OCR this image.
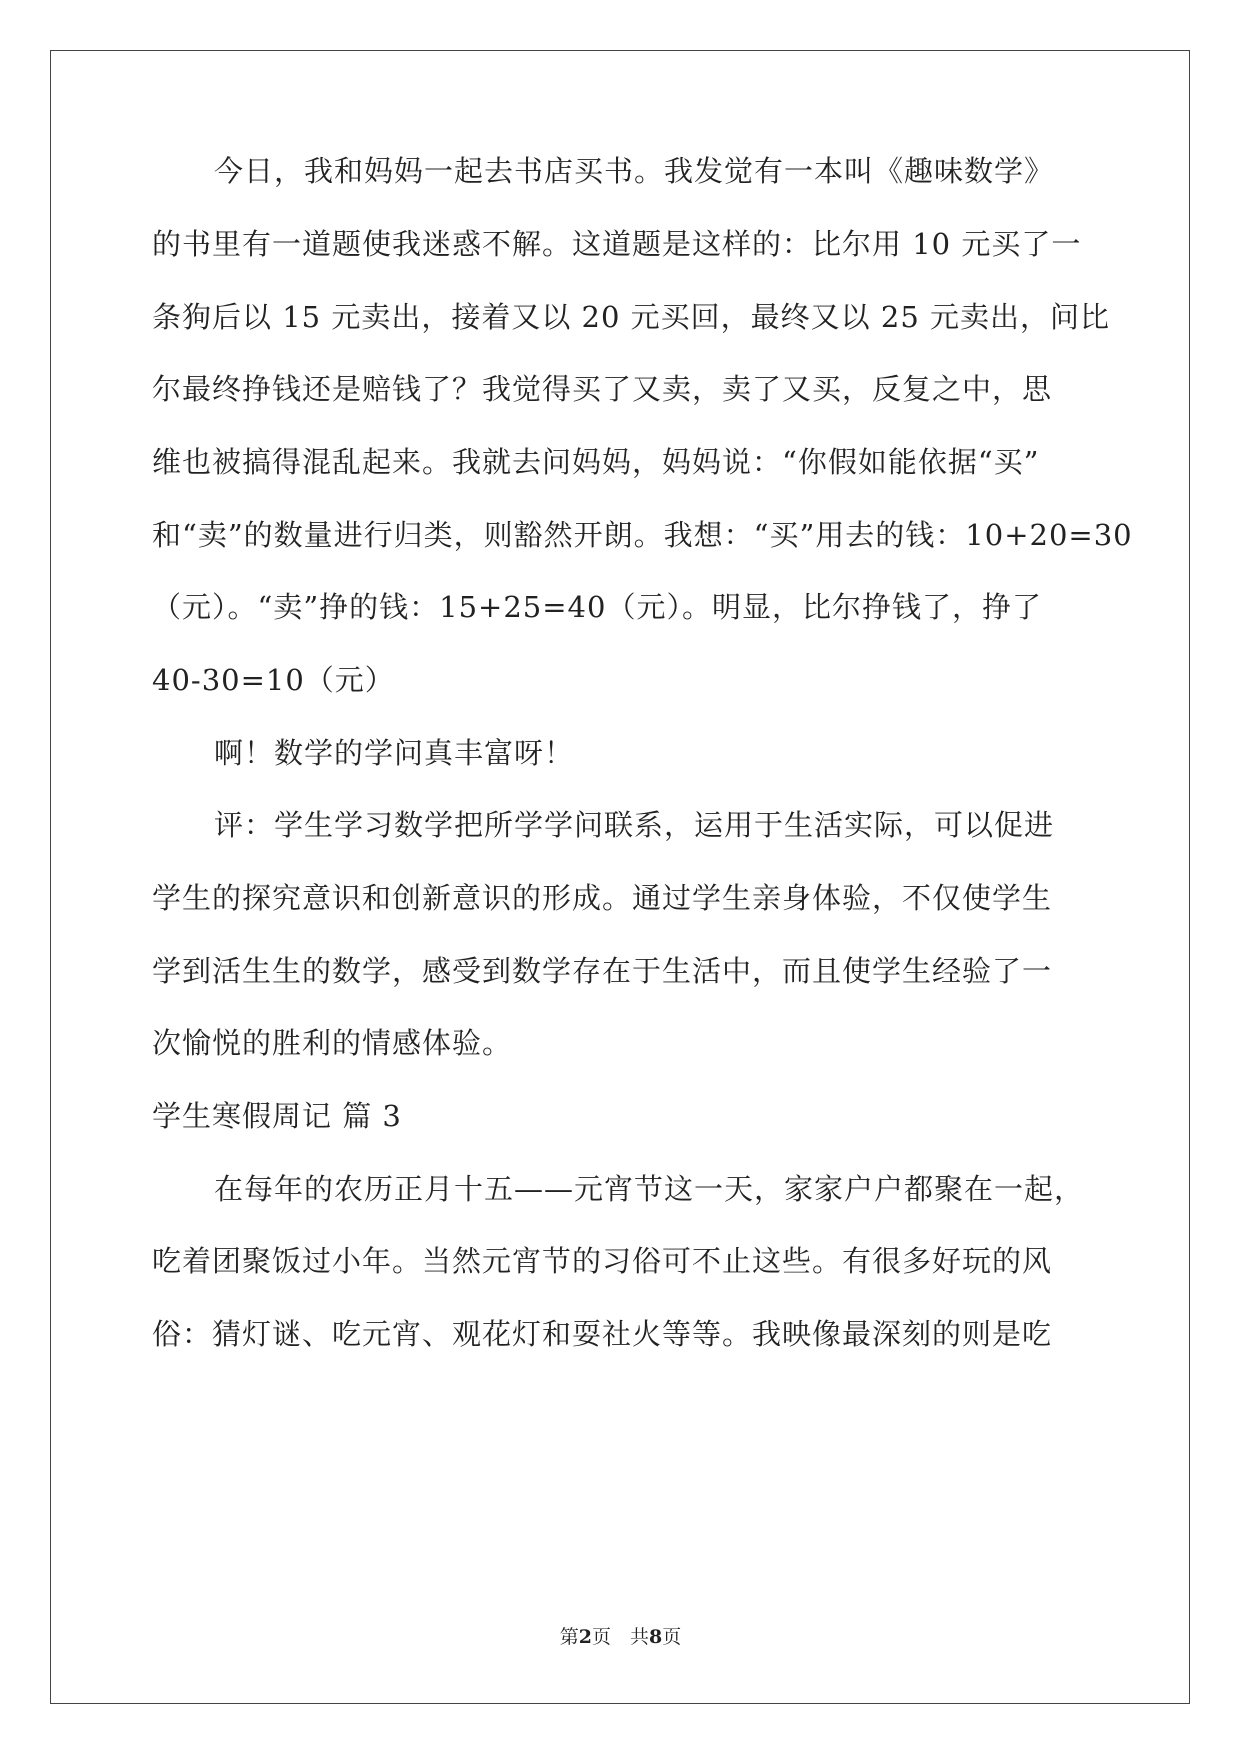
今日，我和妈妈一起去书店买书。我发觉有一本叫《趣味数学》
的书里有一道题使我迷惑不解。这道题是这样的：比尔用 10 元买了一
条狗后以 15 元卖出，接着又以 20 元买回，最终又以 25 元卖出，问比
尔最终挣钱还是赔钱了？我觉得买了又卖，卖了又买，反复之中，思
维也被搞得混乱起来。我就去问妈妈，妈妈说：“你假如能依据“买”
和“卖”的数量进行归类，则豁然开朗。我想：“买”用去的钱：10+20=30
（元）。“卖”挣的钱：15+25=40（元）。明显，比尔挣钱了，挣了
40-30=10（元）
啊！数学的学问真丰富呀！
评：学生学习数学把所学学问联系，运用于生活实际，可以促进
学生的探究意识和创新意识的形成。通过学生亲身体验，不仅使学生
学到活生生的数学，感受到数学存在于生活中，而且使学生经验了一
次愉悦的胜利的情感体验。
学生寒假周记 篇 3
在每年的农历正月十五——元宵节这一天，家家户户都聚在一起，
吃着团聚饭过小年。当然元宵节的习俗可不止这些。有很多好玩的风
俗：猜灯谜、吃元宵、观花灯和耍社火等等。我映像最深刻的则是吃
第2页　共8页
